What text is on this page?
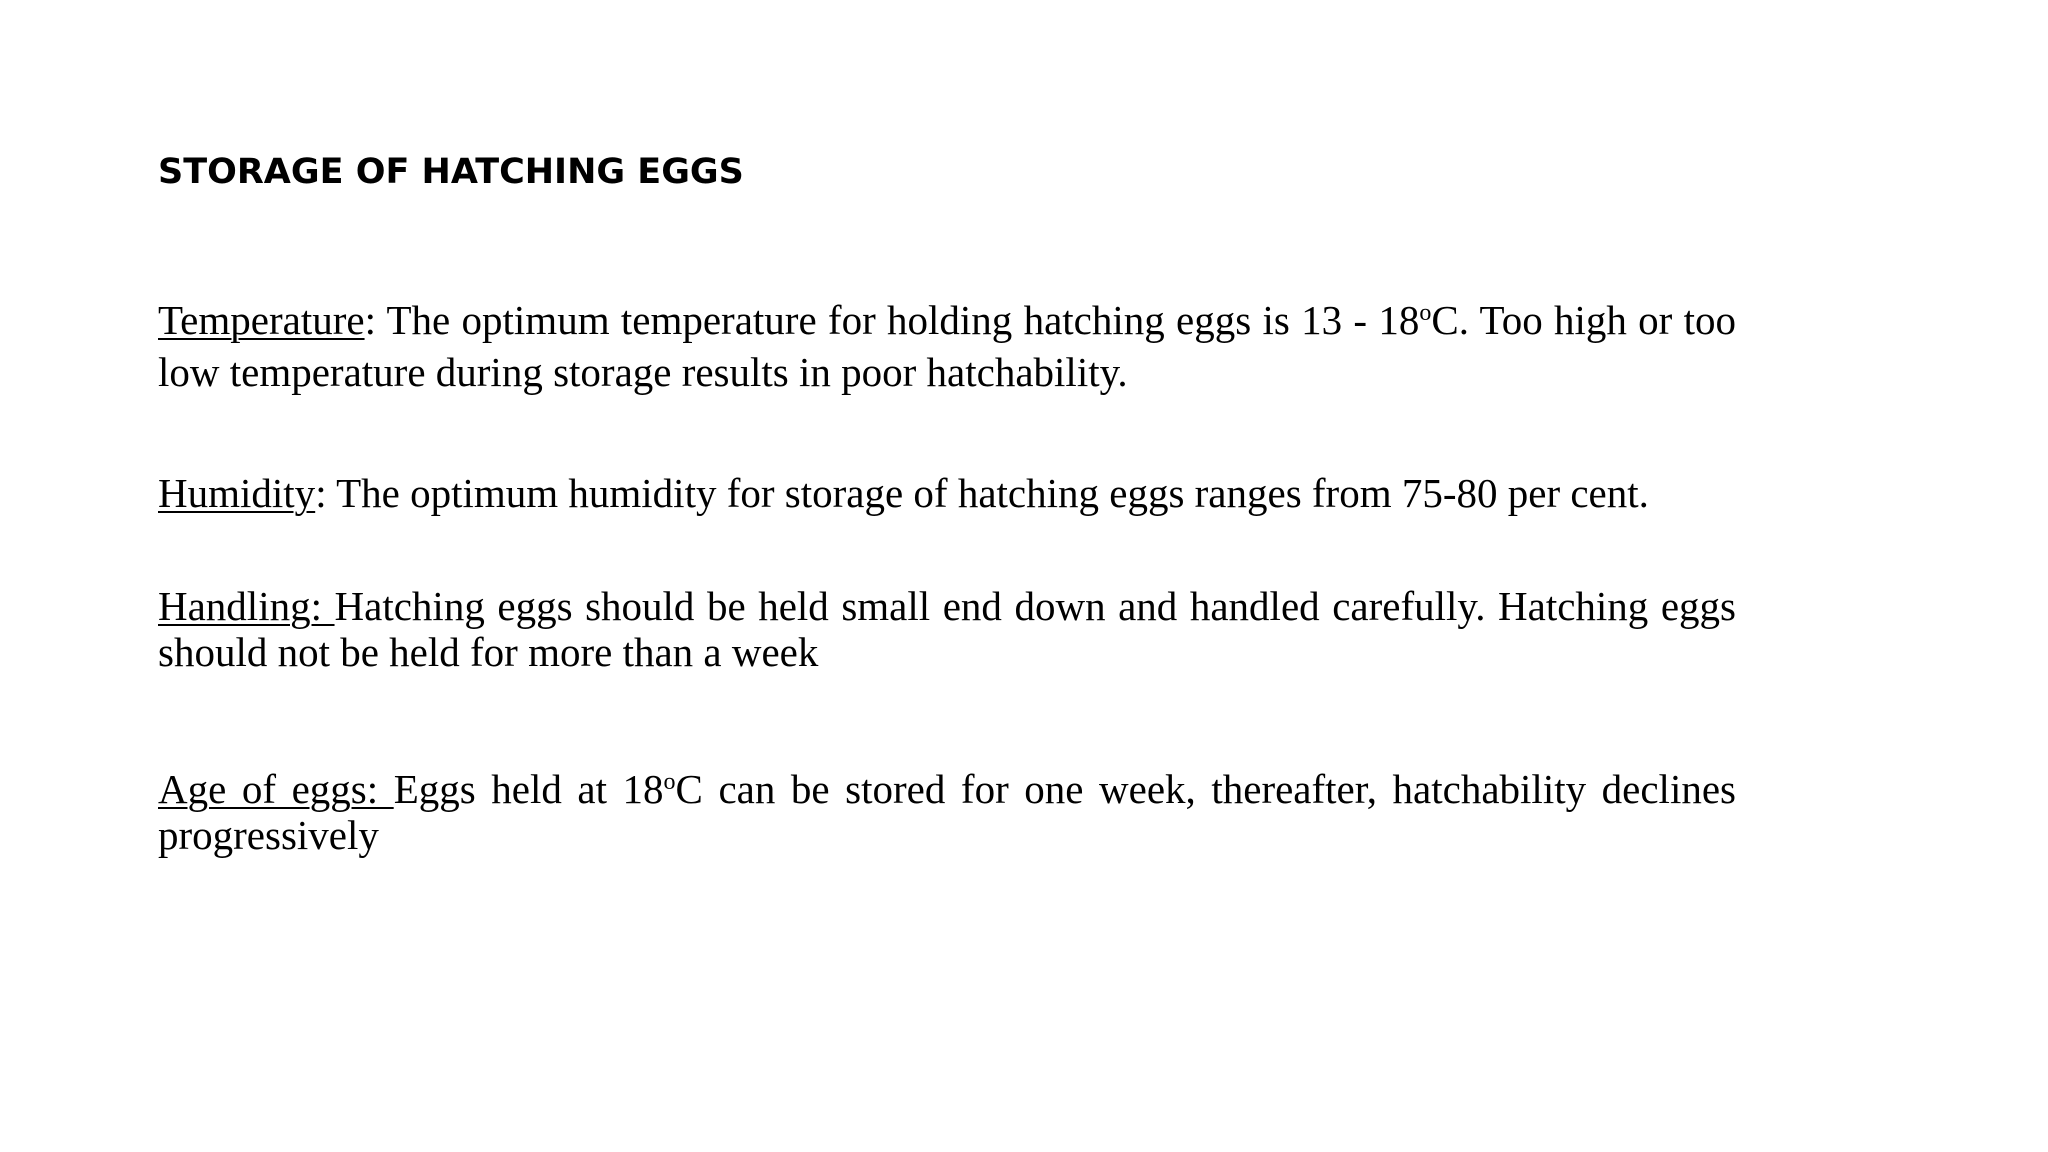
STORAGE OF HATCHING EGGS

Temperature: The optimum temperature for holding hatching eggs is 13 - 18$^o$C. Too high or too low temperature during storage results in poor hatchability.

Humidity: The optimum humidity for storage of hatching eggs ranges from 75-80 per cent.

Handling: Hatching eggs should be held small end down and handled carefully. Hatching eggs should not be held for more than a week

Age of eggs: Eggs held at 18$^o$C can be stored for one week, thereafter, hatchability declines progressively
